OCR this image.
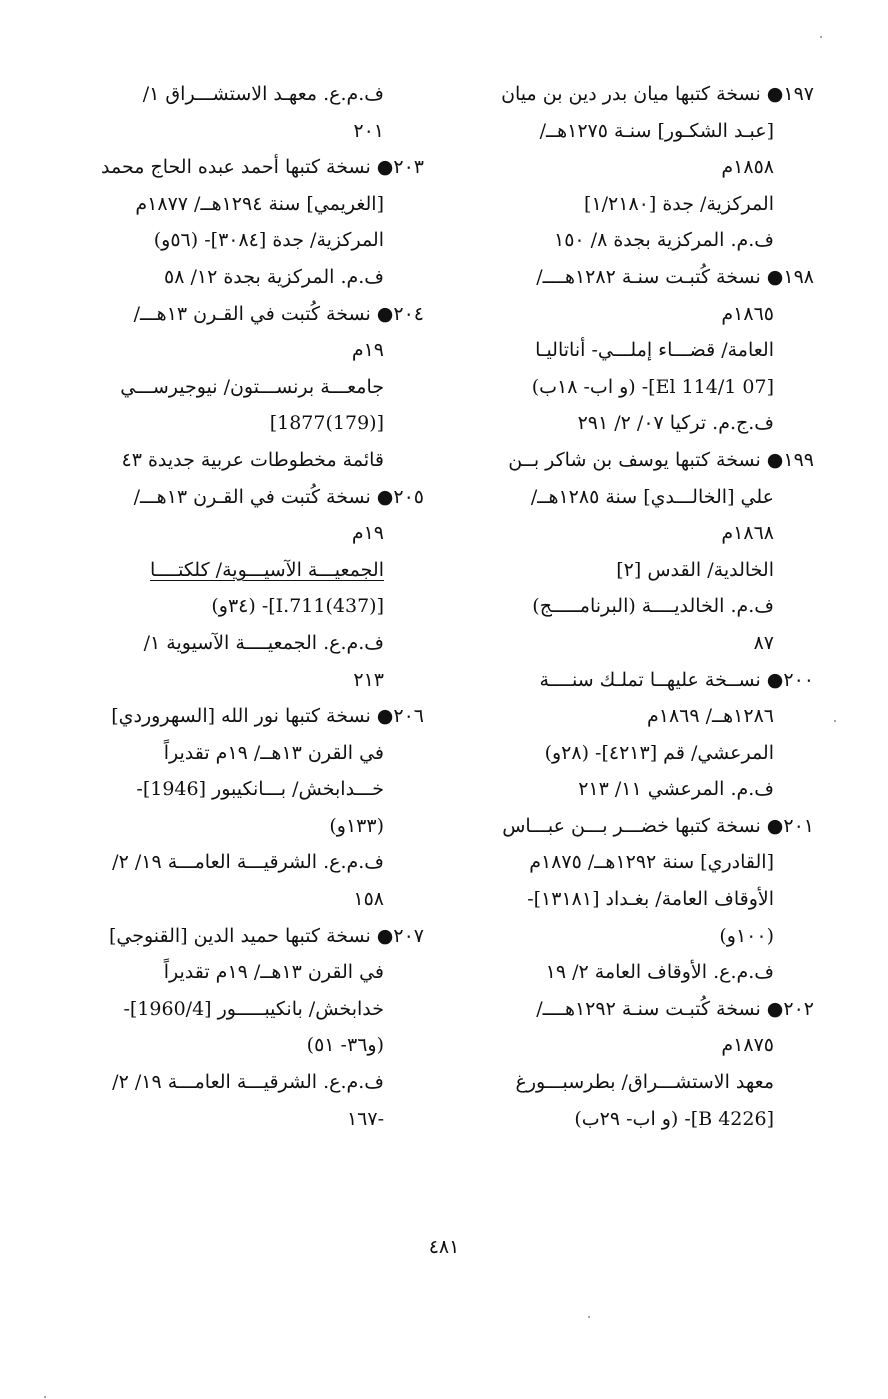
١٩٧● نسخة كتبها ميان بدر دين بن ميان
[عبـد الشكـور] سنـة ١٢٧٥هــ/
١٨٥٨م
المركزية/ جدة [١/٢١٨٠]
ف.م. المركزية بجدة ٨/ ١٥٠
١٩٨● نسخة كُتبـت سنـة ١٢٨٢هــــ/
١٨٦٥م
العامة/ قضـــاء إملـــي- أناتاليـا
[07 El 114/1]- (و اب- ١٨ب)
ف.ج.م. تركيا ٠٧/ ٢/ ٢٩١
١٩٩● نسخة كتبها يوسف بن شاكر بــن
علي [الخالـــدي] سنة ١٢٨٥هــ/
١٨٦٨م
الخالدية/ القدس [٢]
ف.م. الخالديــــة (البرنامـــــج)
٨٧
٢٠٠● نســخة عليهــا تملـك سنــــة
١٢٨٦هــ/ ١٨٦٩م
المرعشي/ قم [٤٢١٣]- (٢٨و)
ف.م. المرعشي ١١/ ٢١٣
٢٠١● نسخة كتبها خضـــر بـــن عبـــاس
[القادري] سنة ١٢٩٢هــ/ ١٨٧٥م
الأوقاف العامة/ بغـداد [١٣١٨١]-
(١٠٠و)
ف.م.ع. الأوقاف العامة ٢/ ١٩
٢٠٢● نسخة كُتبـت سنـة ١٢٩٢هــــ/
١٨٧٥م
معهد الاستشـــراق/ بطرسبـــورغ
[B 4226]- (و اب- ٢٩ب)
ف.م.ع. معهـد الاستشـــراق ١/
٢٠١
٢٠٣● نسخة كتبها أحمد عبده الحاج محمد
[الغريمي] سنة ١٢٩٤هــ/ ١٨٧٧م
المركزية/ جدة [٣٠٨٤]- (٥٦و)
ف.م. المركزية بجدة ١٢/ ٥٨
٢٠٤● نسخة كُتبت في القـرن ١٣هـــ/
١٩م
جامعـــة برنســـتون/ نيوجيرســـي
[(179)1877]
قائمة مخطوطات عربية جديدة ٤٣
٢٠٥● نسخة كُتبت في القـرن ١٣هـــ/
١٩م
الجمعيـــة الآسيـــوية/ كلكتــــا
[(437)I.711]- (٣٤و)
ف.م.ع. الجمعيــــة الآسيوية ١/
٢١٣
٢٠٦● نسخة كتبها نور الله [السهروردي]
في القرن ١٣هــ/ ١٩م تقديراً
خـــدابخش/ بـــانكيبور [1946]-
(١٣٣و)
ف.م.ع. الشرقيـــة العامـــة ١٩/ ٢/
١٥٨
٢٠٧● نسخة كتبها حميد الدين [القنوجي]
في القرن ١٣هــ/ ١٩م تقديراً
خدابخش/ بانكيبـــــور [1960/4]-
(و٣٦- ٥١)
ف.م.ع. الشرقيـــة العامـــة ١٩/ ٢/
-١٦٧
٤٨١
